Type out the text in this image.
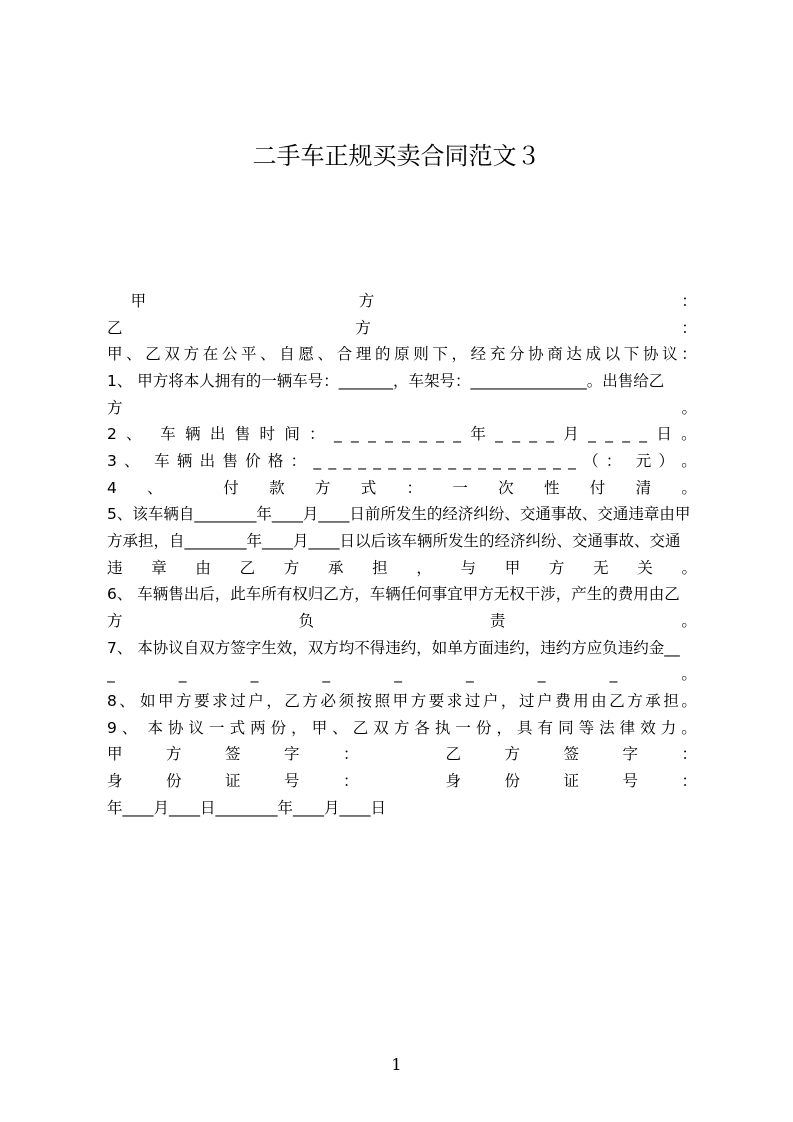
二手车正规买卖合同范文３
甲	方	：
乙	方	：
甲 、 乙 双 方 在 公 平 、 自 愿 、 合 理 的 原 则 下 ， 经 充 分 协 商 达 成 以 下 协 议 ：
1、 甲方将本人拥有的一辆车号：_______，车架号：_______________。出售给乙
方	。
2 、 车 辆 出 售 时 间 ： _ _ _ _ _ _ _ _ 年 _ _ _ _ 月 _ _ _ _ 日 。
3 、 车 辆 出 售 价 格 ： _ _ _ _ _ _ _ _ _ _ _ _ _ _ _ _ _ _ （ ： 元 ） 。
4 、	付 款 方 式 ： 一 次 性 付 清 。
5、该车辆自________年____月____日前所发生的经济纠纷、交通事故、交通违章由甲
方承担，自________年____月____日以后该车辆所发生的经济纠纷、交通事故、交通
违 章 由 乙 方 承 担 ， 与 甲 方 无 关 。
6、 车辆售出后，此车所有权归乙方，车辆任何事宜甲方无权干涉，产生的费用由乙
方	负	责	。
7、 本协议自双方签字生效，双方均不得违约，如单方面违约，违约方应负违约金__
_	_	_	_	_	_	_	_	。
8 、 如 甲 方 要 求 过 户 ， 乙 方 必 须 按 照 甲 方 要 求 过 户 ， 过 户 费 用 由 乙 方 承 担 。
9 、 本 协 议 一 式 两 份 ， 甲 、 乙 双 方 各 执 一 份 ， 具 有 同 等 法 律 效 力 。
甲	方	签	字	：	乙	方	签	字	：
身	份	证	号	：	身	份	证	号	：
年____月____日________年____月____日
1
